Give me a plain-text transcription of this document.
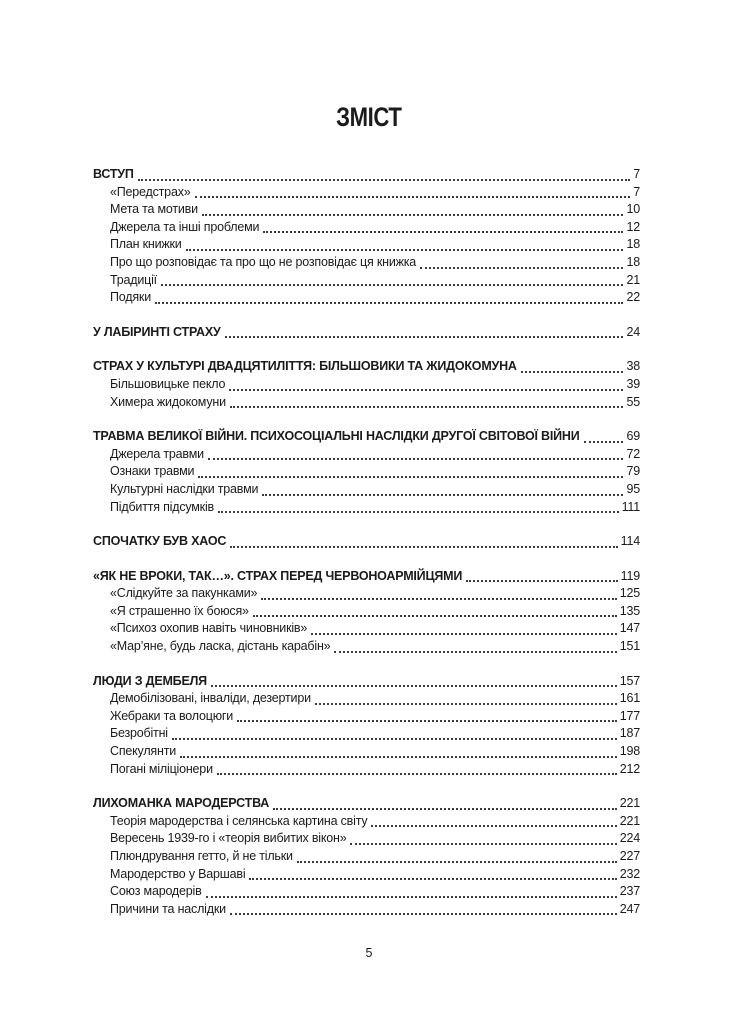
ЗМІСТ
ВСТУП	7
«Передстрах»	7
Мета та мотиви	10
Джерела та інші проблеми	12
План книжки	18
Про що розповідає та про що не розповідає ця книжка	18
Традиції	21
Подяки	22
У ЛАБІРИНТІ СТРАХУ	24
СТРАХ У КУЛЬТУРІ ДВАДЦЯТИЛІТТЯ: БІЛЬШОВИКИ ТА ЖИДОКОМУНА	38
Більшовицьке пекло	39
Химера жидокомуни	55
ТРАВМА ВЕЛИКОЇ ВІЙНИ. ПСИХОСОЦІАЛЬНІ НАСЛІДКИ ДРУГОЇ СВІТОВОЇ ВІЙНИ	69
Джерела травми	72
Ознаки травми	79
Культурні наслідки травми	95
Підбиття підсумків	111
СПОЧАТКУ БУВ ХАОС	114
«ЯК НЕ ВРОКИ, ТАК…». СТРАХ ПЕРЕД ЧЕРВОНОАРМІЙЦЯМИ	119
«Слідкуйте за пакунками»	125
«Я страшенно їх боюся»	135
«Психоз охопив навіть чиновників»	147
«Мар’яне, будь ласка, дістань карабін»	151
ЛЮДИ З ДЕМБЕЛЯ	157
Демобілізовані, інваліди, дезертири	161
Жебраки та волоцюги	177
Безробітні	187
Спекулянти	198
Погані міліціонери	212
ЛИХОМАНКА МАРОДЕРСТВА	221
Теорія мародерства і селянська картина світу	221
Вересень 1939-го і «теорія вибитих вікон»	224
Плюндрування гетто, й не тільки	227
Мародерство у Варшаві	232
Союз мародерів	237
Причини та наслідки	247
5
